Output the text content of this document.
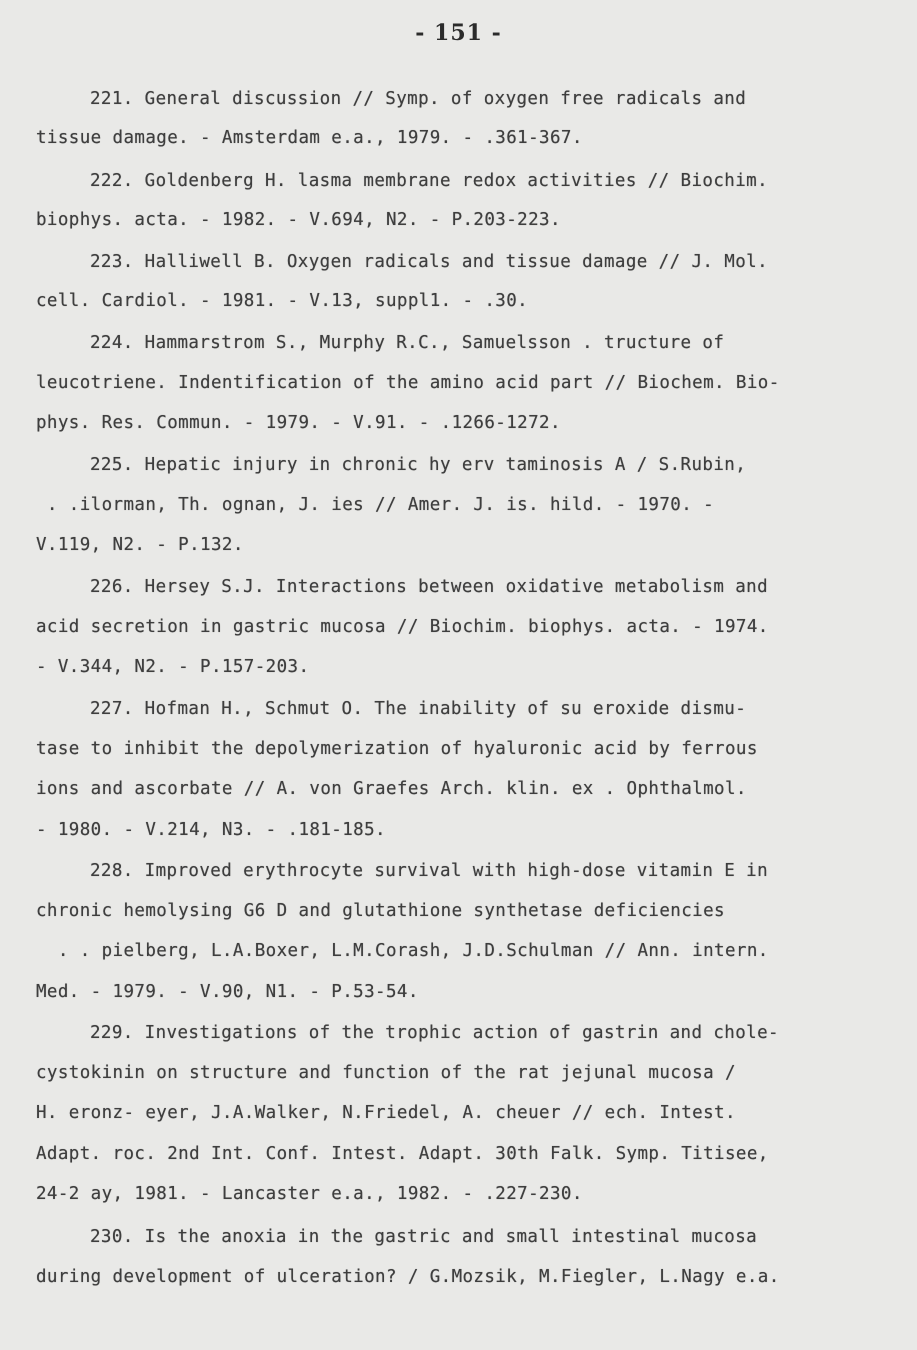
- 151 -
221. General discussion // Symp. of oxygen free radicals and
tissue damage. - Amsterdam e.a., 1979. - .361-367.
222. Goldenberg H. lasma membrane redox activities // Biochim.
biophys. acta. - 1982. - V.694, N2. - P.203-223.
223. Halliwell B. Oxygen radicals and tissue damage // J. Mol.
cell. Cardiol. - 1981. - V.13, suppl1. - .30.
224. Hammarstrom S., Murphy R.C., Samuelsson . tructure of
leucotriene. Indentification of the amino acid part // Biochem. Bio-
phys. Res. Commun. - 1979. - V.91. - .1266-1272.
225. Hepatic injury in chronic hy erv taminosis A / S.Rubin,
. .ilorman, Th. ognan, J. ies // Amer. J. is. hild. - 1970. -
V.119, N2. - P.132.
226. Hersey S.J. Interactions between oxidative metabolism and
acid secretion in gastric mucosa // Biochim. biophys. acta. - 1974.
- V.344, N2. - P.157-203.
227. Hofman H., Schmut O. The inability of su eroxide dismu-
tase to inhibit the depolymerization of hyaluronic acid by ferrous
ions and ascorbate // A. von Graefes Arch. klin. ex . Ophthalmol.
- 1980. - V.214, N3. - .181-185.
228. Improved erythrocyte survival with high-dose vitamin E in
chronic hemolysing G6 D and glutathione synthetase deficiencies
. . pielberg, L.A.Boxer, L.M.Corash, J.D.Schulman // Ann. intern.
Med. - 1979. - V.90, N1. - P.53-54.
229. Investigations of the trophic action of gastrin and chole-
cystokinin on structure and function of the rat jejunal mucosa /
H. eronz- eyer, J.A.Walker, N.Friedel, A. cheuer // ech. Intest.
Adapt. roc. 2nd Int. Conf. Intest. Adapt. 30th Falk. Symp. Titisee,
24-2 ay, 1981. - Lancaster e.a., 1982. - .227-230.
230. Is the anoxia in the gastric and small intestinal mucosa
during development of ulceration? / G.Mozsik, M.Fiegler, L.Nagy e.a.
